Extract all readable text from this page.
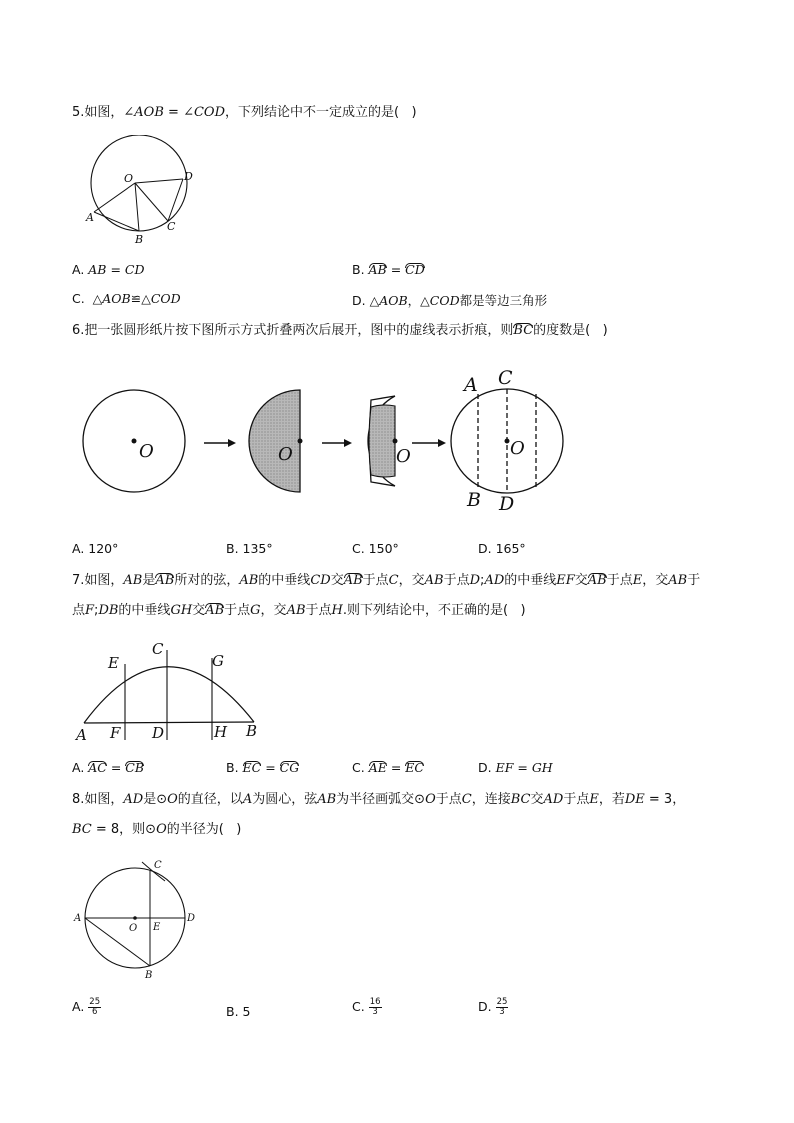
5.如图，∠AOB = ∠COD，下列结论中不一定成立的是(   )
O	D
A
B
C
A. AB = CD	B. AB = CD
C.  △AOB≌△COD	D. △AOB，△COD都是等边三角形
6.把一张圆形纸片按下图所示方式折叠两次后展开，图中的虚线表示折痕，则BC的度数是(   )
O	O	O	O
A C
B D
A. 120°	B. 135°	C. 150°	D. 165°
7.如图，AB是AB所对的弦，AB的中垂线CD交AB于点C，交AB于点D;AD的中垂线EF交AB于点E，交AB于
点F;DB的中垂线GH交AB于点G，交AB于点H.则下列结论中，不正确的是(   )
E
C
G
A F D	H B
A. AC = CB	B. EC = CG	C. AE = EC	D. EF = GH
8.如图，AD是⊙O的直径，以A为圆心，弦AB为半径画弧交⊙O于点C，连接BC交AD于点E，若DE = 3，
BC = 8，则⊙O的半径为(   )
C
A
O E
D
B
A. $\frac{25}{6}$	B. 5	C. $\frac{16}{3}$	D. $\frac{25}{3}$
